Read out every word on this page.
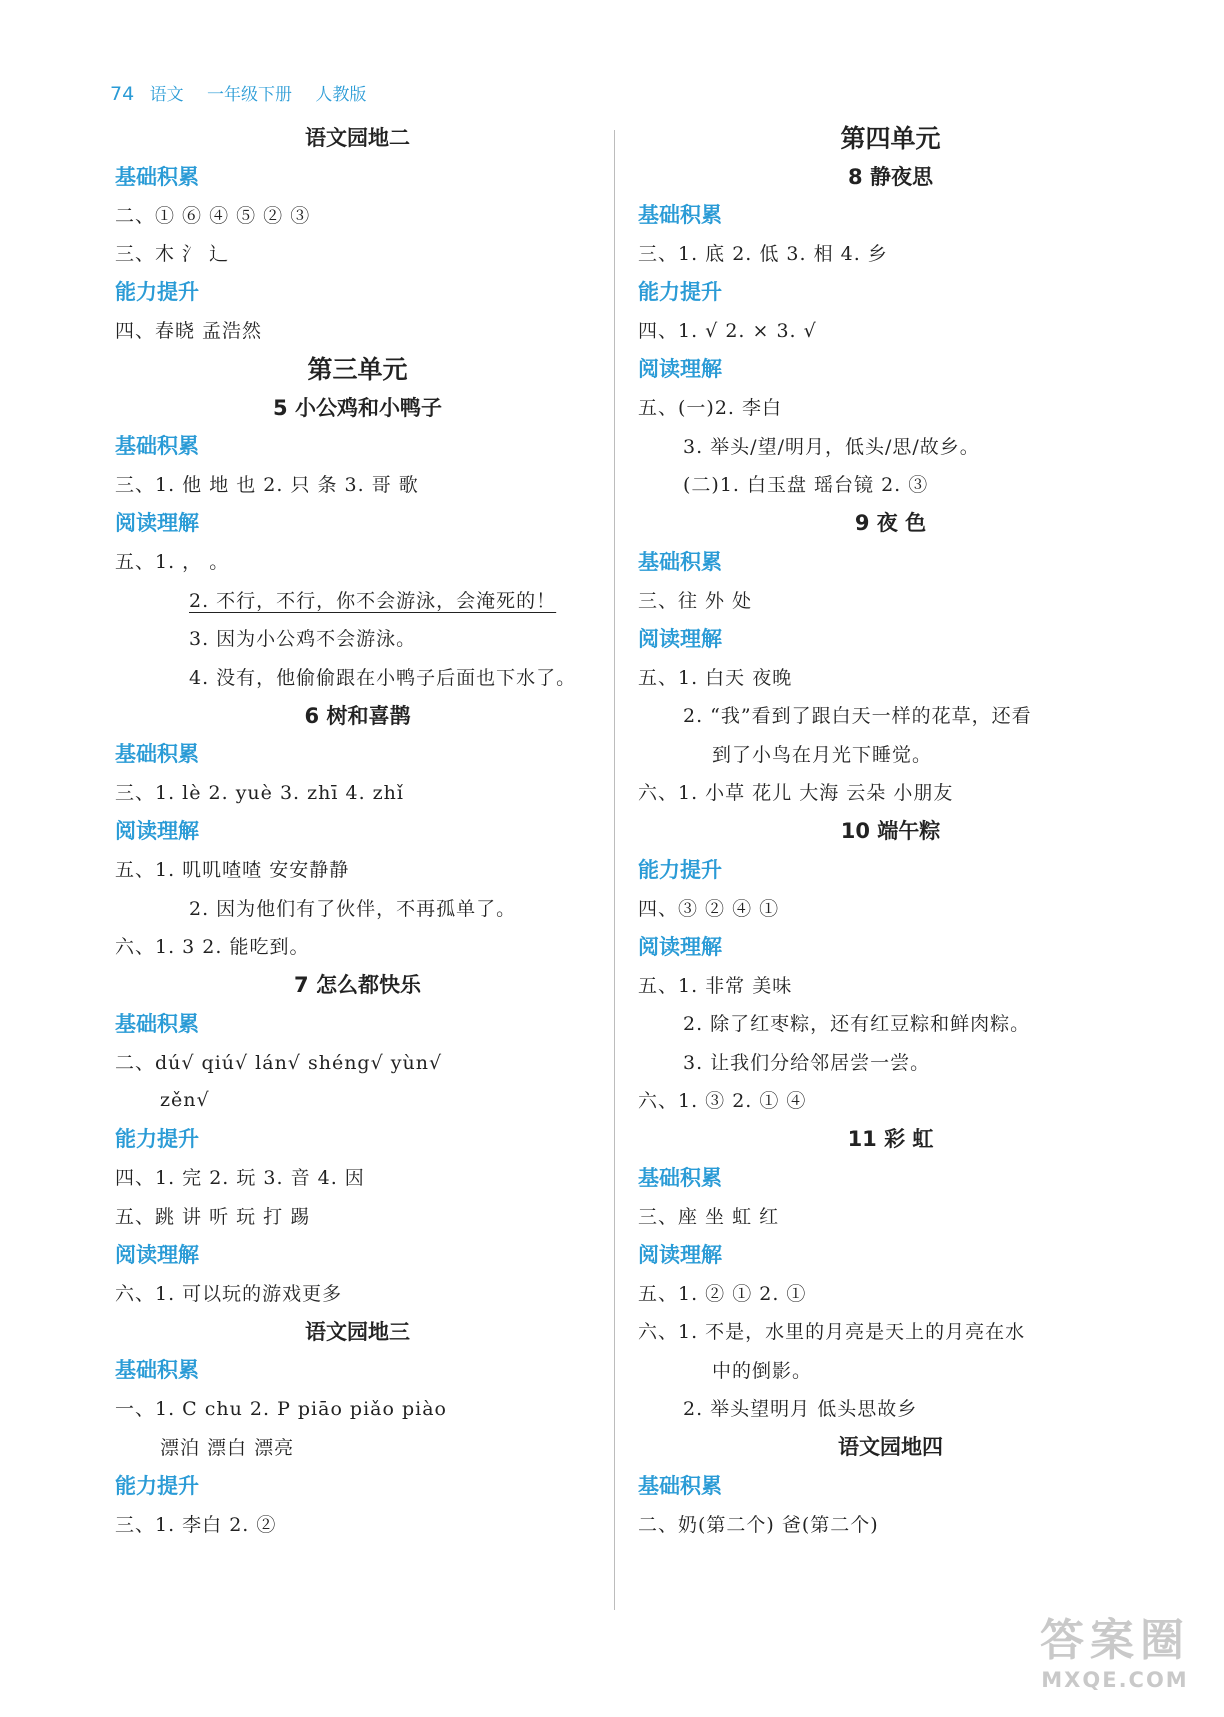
74 语文 一年级下册 人教版
语文园地二
基础积累
二、① ⑥ ④ ⑤ ② ③
三、木 氵 辶
能力提升
四、春晓 孟浩然
第三单元
5 小公鸡和小鸭子
基础积累
三、1. 他 地 也 2. 只 条 3. 哥 歌
阅读理解
五、1. ， 。
2. 不行，不行，你不会游泳，会淹死的！
3. 因为小公鸡不会游泳。
4. 没有，他偷偷跟在小鸭子后面也下水了。
6 树和喜鹊
基础积累
三、1. lè 2. yuè 3. zhī 4. zhǐ
阅读理解
五、1. 叽叽喳喳 安安静静
2. 因为他们有了伙伴，不再孤单了。
六、1. 3 2. 能吃到。
7 怎么都快乐
基础积累
二、dú√ qiú√ lán√ shéng√ yùn√
zěn√
能力提升
四、1. 完 2. 玩 3. 音 4. 因
五、跳 讲 听 玩 打 踢
阅读理解
六、1. 可以玩的游戏更多
语文园地三
基础积累
一、1. C chu 2. P piāo piǎo piào
漂泊 漂白 漂亮
能力提升
三、1. 李白 2. ②
第四单元
8 静夜思
基础积累
三、1. 底 2. 低 3. 相 4. 乡
能力提升
四、1. √ 2. × 3. √
阅读理解
五、(一)2. 李白
3. 举头/望/明月，低头/思/故乡。
(二)1. 白玉盘 瑶台镜 2. ③
9 夜 色
基础积累
三、往 外 处
阅读理解
五、1. 白天 夜晚
2. “我”看到了跟白天一样的花草，还看
到了小鸟在月光下睡觉。
六、1. 小草 花儿 大海 云朵 小朋友
10 端午粽
能力提升
四、③ ② ④ ①
阅读理解
五、1. 非常 美味
2. 除了红枣粽，还有红豆粽和鲜肉粽。
3. 让我们分给邻居尝一尝。
六、1. ③ 2. ① ④
11 彩 虹
基础积累
三、座 坐 虹 红
阅读理解
五、1. ② ① 2. ①
六、1. 不是，水里的月亮是天上的月亮在水
中的倒影。
2. 举头望明月 低头思故乡
语文园地四
基础积累
二、奶(第二个) 爸(第二个)
答案圈
MXQE.COM
